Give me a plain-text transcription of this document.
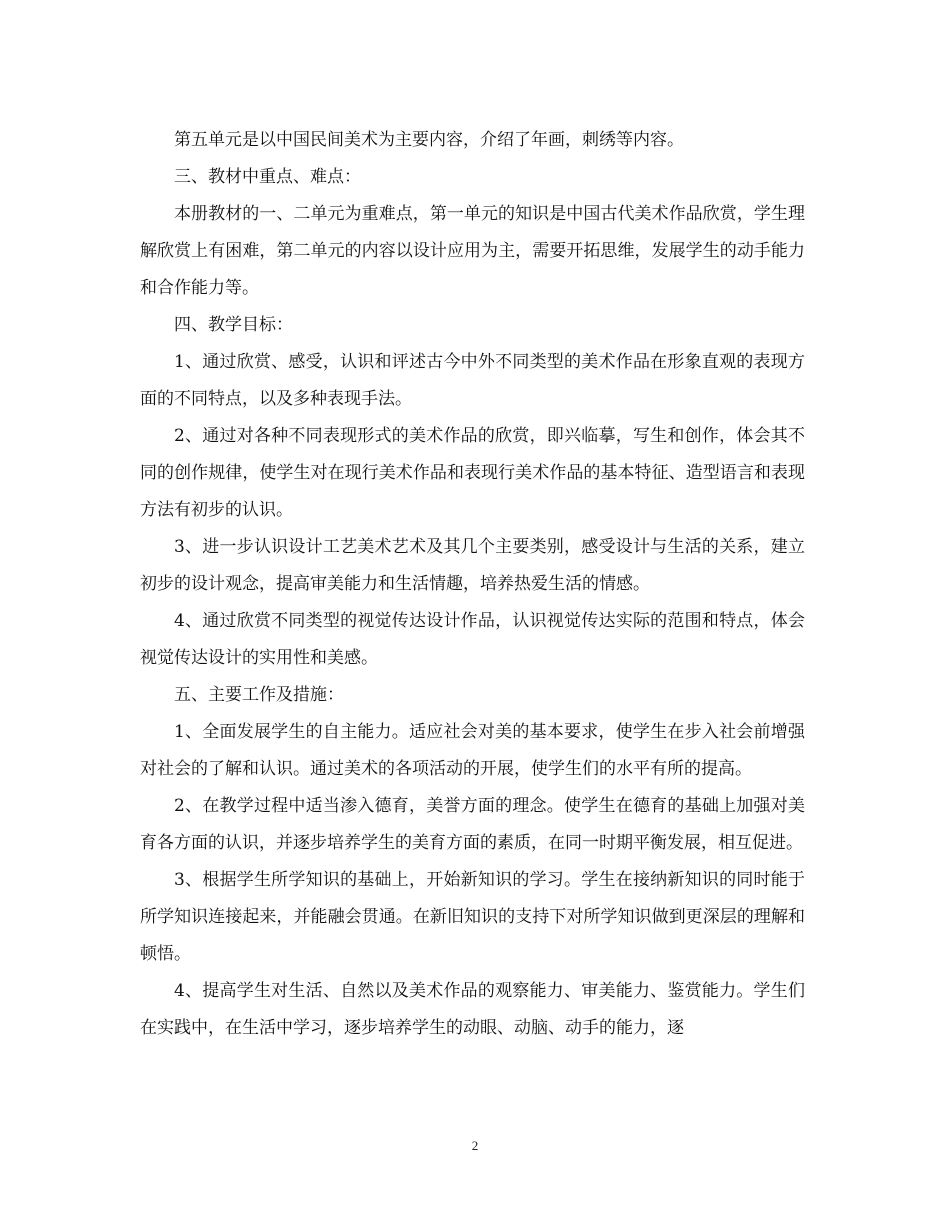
第五单元是以中国民间美术为主要内容，介绍了年画，刺绣等内容。

三、教材中重点、难点：

本册教材的一、二单元为重难点，第一单元的知识是中国古代美术作品欣赏，学生理解欣赏上有困难，第二单元的内容以设计应用为主，需要开拓思维，发展学生的动手能力和合作能力等。

四、教学目标：

1、通过欣赏、感受，认识和评述古今中外不同类型的美术作品在形象直观的表现方面的不同特点，以及多种表现手法。

2、通过对各种不同表现形式的美术作品的欣赏，即兴临摹，写生和创作，体会其不同的创作规律，使学生对在现行美术作品和表现行美术作品的基本特征、造型语言和表现方法有初步的认识。

3、进一步认识设计工艺美术艺术及其几个主要类别，感受设计与生活的关系，建立初步的设计观念，提高审美能力和生活情趣，培养热爱生活的情感。

4、通过欣赏不同类型的视觉传达设计作品，认识视觉传达实际的范围和特点，体会视觉传达设计的实用性和美感。

五、主要工作及措施：

1、全面发展学生的自主能力。适应社会对美的基本要求，使学生在步入社会前增强对社会的了解和认识。通过美术的各项活动的开展，使学生们的水平有所的提高。

2、在教学过程中适当渗入德育，美誉方面的理念。使学生在德育的基础上加强对美育各方面的认识，并逐步培养学生的美育方面的素质，在同一时期平衡发展，相互促进。

3、根据学生所学知识的基础上，开始新知识的学习。学生在接纳新知识的同时能于所学知识连接起来，并能融会贯通。在新旧知识的支持下对所学知识做到更深层的理解和顿悟。

4、提高学生对生活、自然以及美术作品的观察能力、审美能力、鉴赏能力。学生们在实践中，在生活中学习，逐步培养学生的动眼、动脑、动手的能力，逐

2
